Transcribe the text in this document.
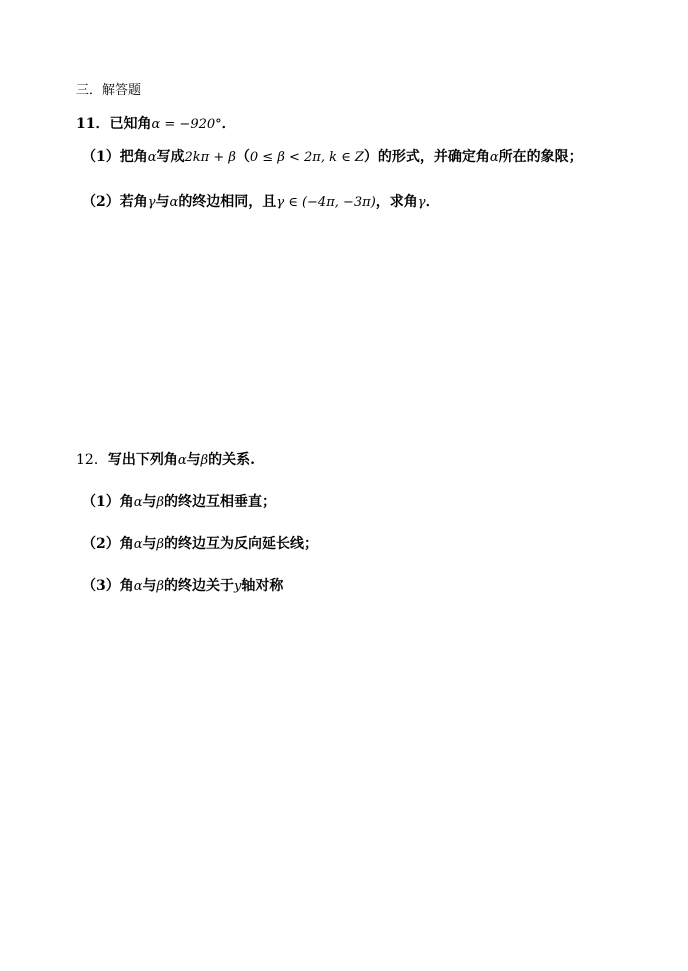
三．解答题
11．已知角α = −920°．
（1）把角α写成2kπ + β（0 ≤ β < 2π, k ∈ Z）的形式，并确定角α所在的象限；
（2）若角γ与α的终边相同，且γ ∈ (−4π, −3π)，求角γ．
12．写出下列角α与β的关系.
（1）角α与β的终边互相垂直；
（2）角α与β的终边互为反向延长线；
（3）角α与β的终边关于y轴对称
